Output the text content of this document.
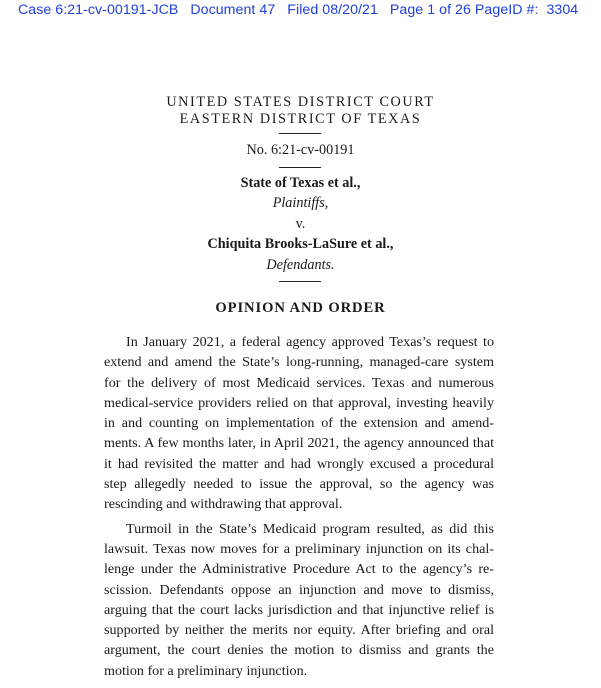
Case 6:21-cv-00191-JCB   Document 47   Filed 08/20/21   Page 1 of 26 PageID #:  3304
UNITED STATES DISTRICT COURT
EASTERN DISTRICT OF TEXAS
No. 6:21-cv-00191
State of Texas et al.,
Plaintiffs,
v.
Chiquita Brooks-LaSure et al.,
Defendants.
OPINION AND ORDER

In January 2021, a federal agency approved Texas’s request to extend and amend the State’s long-running, managed-care system for the delivery of most Medicaid services. Texas and numerous medical-service providers relied on that approval, investing heavily in and counting on implementation of the extension and amendments. A few months later, in April 2021, the agency announced that it had revisited the matter and had wrongly excused a procedural step allegedly needed to issue the approval, so the agency was rescinding and withdrawing that approval.

Turmoil in the State’s Medicaid program resulted, as did this lawsuit. Texas now moves for a preliminary injunction on its challenge under the Administrative Procedure Act to the agency’s rescission. Defendants oppose an injunction and move to dismiss, arguing that the court lacks jurisdiction and that injunctive relief is supported by neither the merits nor equity. After briefing and oral argument, the court denies the motion to dismiss and grants the motion for a preliminary injunction.
